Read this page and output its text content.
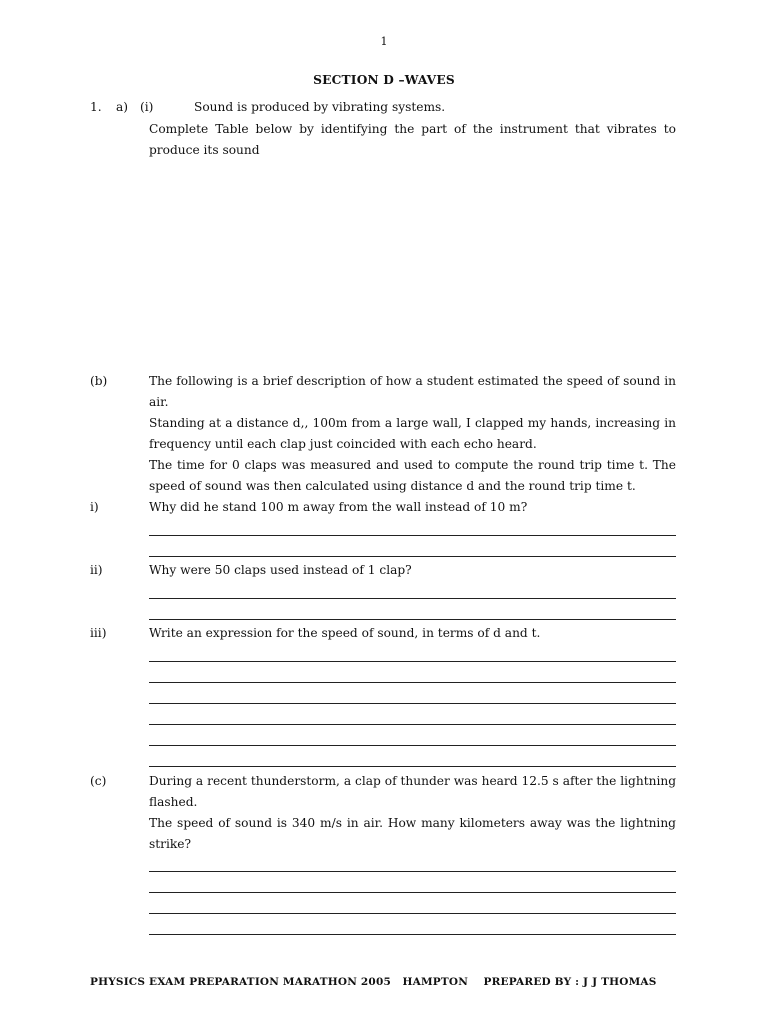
1
SECTION D –WAVES
1. a) (i)	Sound is produced by vibrating systems.

Complete Table below by identifying the part of the instrument that vibrates to produce its sound

(b)	The following is a brief description of how a student estimated the speed of sound in air.

Standing at a distance d,, 100m from a large wall, I clapped my hands, increasing in frequency until each clap just coincided with each echo heard.

The time for 0 claps was measured and used to compute the round trip time t. The speed of sound was then calculated using distance d and the round trip time t.

i)	Why did he stand 100 m away from the wall instead of 10 m?
ii)	Why were 50 claps used instead of 1 clap?
iii)	Write an expression for the speed of sound, in terms of d and t.
(c)	During a recent thunderstorm, a clap of thunder was heard 12.5 s after the lightning flashed.

The speed of sound is 340 m/s in air. How many kilometers away was the lightning strike?

PHYSICS EXAM PREPARATION MARATHON 2005   HAMPTON    PREPARED BY : J J THOMAS
